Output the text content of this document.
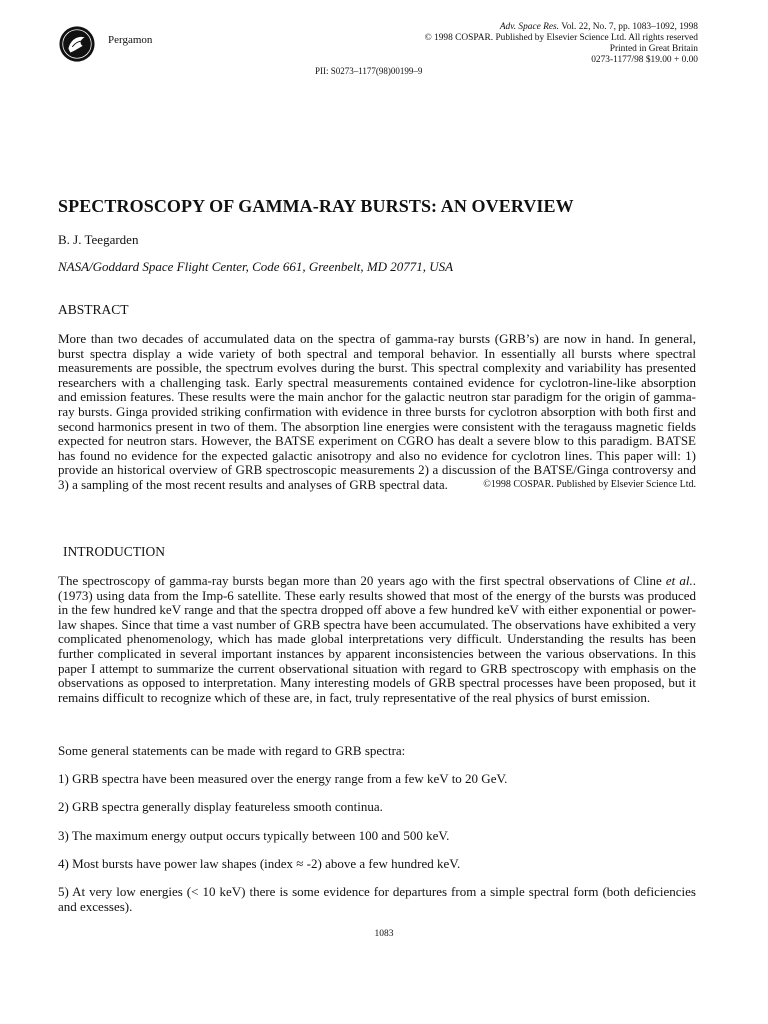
Pergamon
Adv. Space Res. Vol. 22, No. 7, pp. 1083–1092, 1998
© 1998 COSPAR. Published by Elsevier Science Ltd. All rights reserved
Printed in Great Britain
0273-1177/98 $19.00 + 0.00
PII: S0273–1177(98)00199–9
SPECTROSCOPY OF GAMMA-RAY BURSTS: AN OVERVIEW
B. J. Teegarden
NASA/Goddard Space Flight Center, Code 661, Greenbelt, MD 20771, USA
ABSTRACT
More than two decades of accumulated data on the spectra of gamma-ray bursts (GRB’s) are now in hand. In general, burst spectra display a wide variety of both spectral and temporal behavior. In essentially all bursts where spectral measurements are possible, the spectrum evolves during the burst. This spectral complexity and variability has presented researchers with a challenging task. Early spectral measurements contained evidence for cyclotron-line-like absorption and emission features. These results were the main anchor for the galactic neutron star paradigm for the origin of gamma-ray bursts. Ginga provided striking confirmation with evidence in three bursts for cyclotron absorption with both first and second harmonics present in two of them. The absorption line energies were consistent with the teragauss magnetic fields expected for neutron stars. However, the BATSE experiment on CGRO has dealt a severe blow to this paradigm. BATSE has found no evidence for the expected galactic anisotropy and also no evidence for cyclotron lines. This paper will: 1) provide an historical overview of GRB spectroscopic measurements 2) a discussion of the BATSE/Ginga controversy and 3) a sampling of the most recent results and analyses of GRB spectral data.	©1998 COSPAR. Published by Elsevier Science Ltd.
INTRODUCTION
The spectroscopy of gamma-ray bursts began more than 20 years ago with the first spectral observations of Cline et al.. (1973) using data from the Imp-6 satellite. These early results showed that most of the energy of the bursts was produced in the few hundred keV range and that the spectra dropped off above a few hundred keV with either exponential or power-law shapes. Since that time a vast number of GRB spectra have been accumulated. The observations have exhibited a very complicated phenomenology, which has made global interpretations very difficult. Understanding the results has been further complicated in several important instances by apparent inconsistencies between the various observations. In this paper I attempt to summarize the current observational situation with regard to GRB spectroscopy with emphasis on the observations as opposed to interpretation. Many interesting models of GRB spectral processes have been proposed, but it remains difficult to recognize which of these are, in fact, truly representative of the real physics of burst emission.
Some general statements can be made with regard to GRB spectra:
1) GRB spectra have been measured over the energy range from a few keV to 20 GeV.
2) GRB spectra generally display featureless smooth continua.
3) The maximum energy output occurs typically between 100 and 500 keV.
4) Most bursts have power law shapes (index ≈ -2) above a few hundred keV.
5) At very low energies (< 10 keV) there is some evidence for departures from a simple spectral form (both deficiencies and excesses).
1083
